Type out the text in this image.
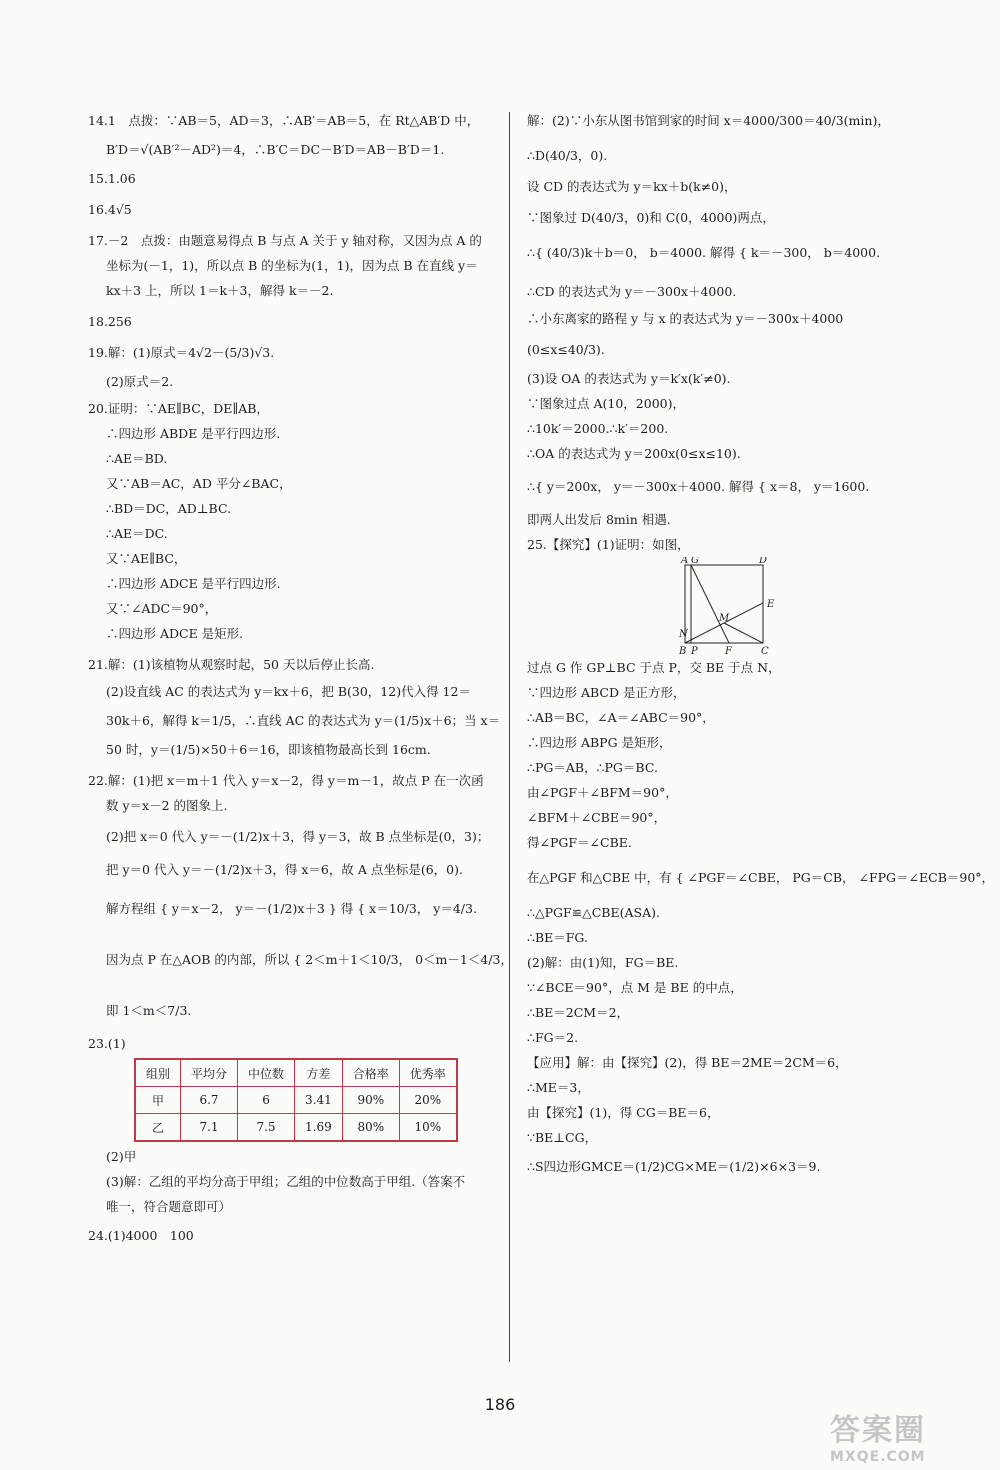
14.1　点拨：∵AB＝5，AD＝3，∴AB′＝AB＝5，在 Rt△AB′D 中，
B′D＝√(AB′²－AD²)＝4，∴B′C＝DC－B′D＝AB－B′D＝1.
15.1.06
16.4√5
17.－2　点拨：由题意易得点 B 与点 A 关于 y 轴对称，又因为点 A 的
坐标为(－1，1)，所以点 B 的坐标为(1，1)，因为点 B 在直线 y＝
kx＋3 上，所以 1＝k＋3，解得 k＝－2.
18.256
19.解：(1)原式＝4√2－(5/3)√3.
(2)原式＝2.
20.证明：∵AE∥BC，DE∥AB，
∴四边形 ABDE 是平行四边形.
∴AE＝BD.
又∵AB＝AC，AD 平分∠BAC，
∴BD＝DC，AD⊥BC.
∴AE＝DC.
又∵AE∥BC，
∴四边形 ADCE 是平行四边形.
又∵∠ADC＝90°，
∴四边形 ADCE 是矩形.
21.解：(1)该植物从观察时起，50 天以后停止长高.
(2)设直线 AC 的表达式为 y＝kx＋6，把 B(30，12)代入得 12＝
30k＋6，解得 k＝1/5，∴直线 AC 的表达式为 y＝(1/5)x＋6；当 x＝
50 时，y＝(1/5)×50＋6＝16，即该植物最高长到 16cm.
22.解：(1)把 x＝m＋1 代入 y＝x－2，得 y＝m－1，故点 P 在一次函
数 y＝x－2 的图象上.
(2)把 x＝0 代入 y＝－(1/2)x＋3，得 y＝3，故 B 点坐标是(0，3)；
把 y＝0 代入 y＝－(1/2)x＋3，得 x＝6，故 A 点坐标是(6，0).
解方程组 { y＝x－2， y＝－(1/2)x＋3 } 得 { x＝10/3， y＝4/3.
因为点 P 在△AOB 的内部，所以 { 2＜m＋1＜10/3， 0＜m－1＜4/3，
即 1＜m＜7/3.
23.(1)
组别	平均分	中位数	方差	合格率	优秀率
甲	6.7	6	3.41	90%	20%
乙	7.1	7.5	1.69	80%	10%
(2)甲
(3)解：乙组的平均分高于甲组；乙组的中位数高于甲组.（答案不
唯一，符合题意即可）
24.(1)4000　100
解：(2)∵小东从图书馆到家的时间 x＝4000/300＝40/3(min)，
∴D(40/3，0).
设 CD 的表达式为 y＝kx＋b(k≠0)，
∵图象过 D(40/3，0)和 C(0，4000)两点，
∴{ (40/3)k＋b＝0， b＝4000. 解得 { k＝－300， b＝4000.
∴CD 的表达式为 y＝－300x＋4000.
∴小东离家的路程 y 与 x 的表达式为 y＝－300x＋4000
(0≤x≤40/3).
(3)设 OA 的表达式为 y＝k′x(k′≠0).
∵图象过点 A(10，2000)，
∴10k′＝2000.∴k′＝200.
∴OA 的表达式为 y＝200x(0≤x≤10).
∴{ y＝200x， y＝－300x＋4000. 解得 { x＝8， y＝1600.
即两人出发后 8min 相遇.
25.【探究】(1)证明：如图，
A G	D
E
M
N
B P	F	C
过点 G 作 GP⊥BC 于点 P，交 BE 于点 N，
∵四边形 ABCD 是正方形，
∴AB＝BC，∠A＝∠ABC＝90°，
∴四边形 ABPG 是矩形，
∴PG＝AB，∴PG＝BC.
由∠PGF＋∠BFM＝90°，
∠BFM＋∠CBE＝90°，
得∠PGF＝∠CBE.
在△PGF 和△CBE 中，有 { ∠PGF＝∠CBE， PG＝CB， ∠FPG＝∠ECB＝90°，
∴△PGF≌△CBE(ASA).
∴BE＝FG.
(2)解：由(1)知，FG＝BE.
∵∠BCE＝90°，点 M 是 BE 的中点，
∴BE＝2CM＝2，
∴FG＝2.
【应用】解：由【探究】(2)，得 BE＝2ME＝2CM＝6，
∴ME＝3，
由【探究】(1)，得 CG＝BE＝6，
∵BE⊥CG，
∴S四边形GMCE＝(1/2)CG×ME＝(1/2)×6×3＝9.
186
答案圈
MXQE.COM
